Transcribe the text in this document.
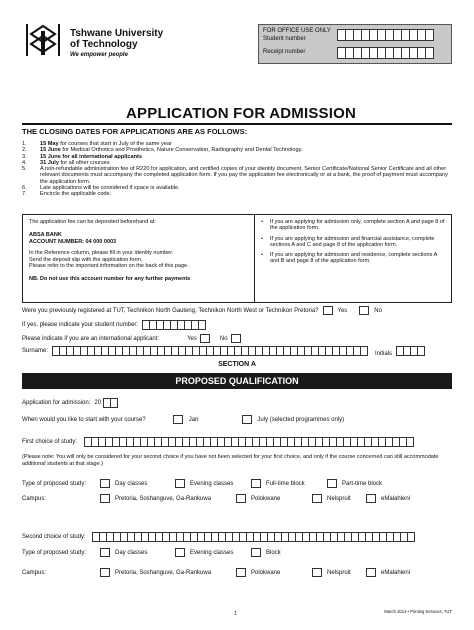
Tshwane University
of Technology
We empower people
FOR OFFICE USE ONLY
Student number
Receipt number
APPLICATION FOR ADMISSION
THE CLOSING DATES FOR APPLICATIONS ARE AS FOLLOWS:
1.	15 May for courses that start in July of the same year
2.	15 June for Medical Orthotics and Prosthetics, Nature Conservation, Radiography and Dental Technology.
3.	15 June for all international applicants
4.	31 July for all other courses
5.	A non-refundable administration fee of R220 for application, and certified copies of your identity document, Senior Certificate/National Senior Certificate and all other relevant documents must accompany the completed application form. If you pay the application fee electronically or at a bank, the proof of payment must accompany the application form.
6.	Late applications will be considered if space is available.
7.	Encircle the applicable code.
The application fee can be deposited beforehand at:
ABSA BANK
ACCOUNT NUMBER: 04 000 0003
In the Reference column, please fill in your identity number.
Send the deposit slip with the application form.
Please refer to the important information on the back of this page.
NB. Do not use this account number for any further payments
•	If you are applying for admission only, complete section A and page 8 of the application form.
•	If you are applying for admission and financial assistance, complete sections A and C and page 8 of the application form.
•	If you are applying for admission and residence, complete sections A and B and page 8 of the application form.
Were you previously registered at TUT, Technikon North Gauteng, Technikon North West or Technikon Pretoria?	Yes	No
If yes, please indicate your student number:
Please indicate if you are an international applicant:	Yes	No
Surname:
Initials
SECTION A
PROPOSED QUALIFICATION
Application for admission: 20
When would you like to start with your course?	Jan	July (selected programmes only)
First choice of study:
(Please note: You will only be considered for your second choice if you have not been selected for your first choice, and only if the course concerned can still accommodate additional students at that stage.)
Type of proposed study:	Day classes	Evening classes	Full-time block	Part-time block
Campus:	Pretoria, Soshanguve, Ga-Rankuwa	Polokwane	Nelspruit	eMalahleni
Second choice of study:
Type of proposed study:	Day classes	Evening classes	Block
Campus:	Pretoria, Soshanguve, Ga-Rankuwa	Polokwane	Nelspruit	eMalahleni
1	March 2013 • Printing Services, TUT
